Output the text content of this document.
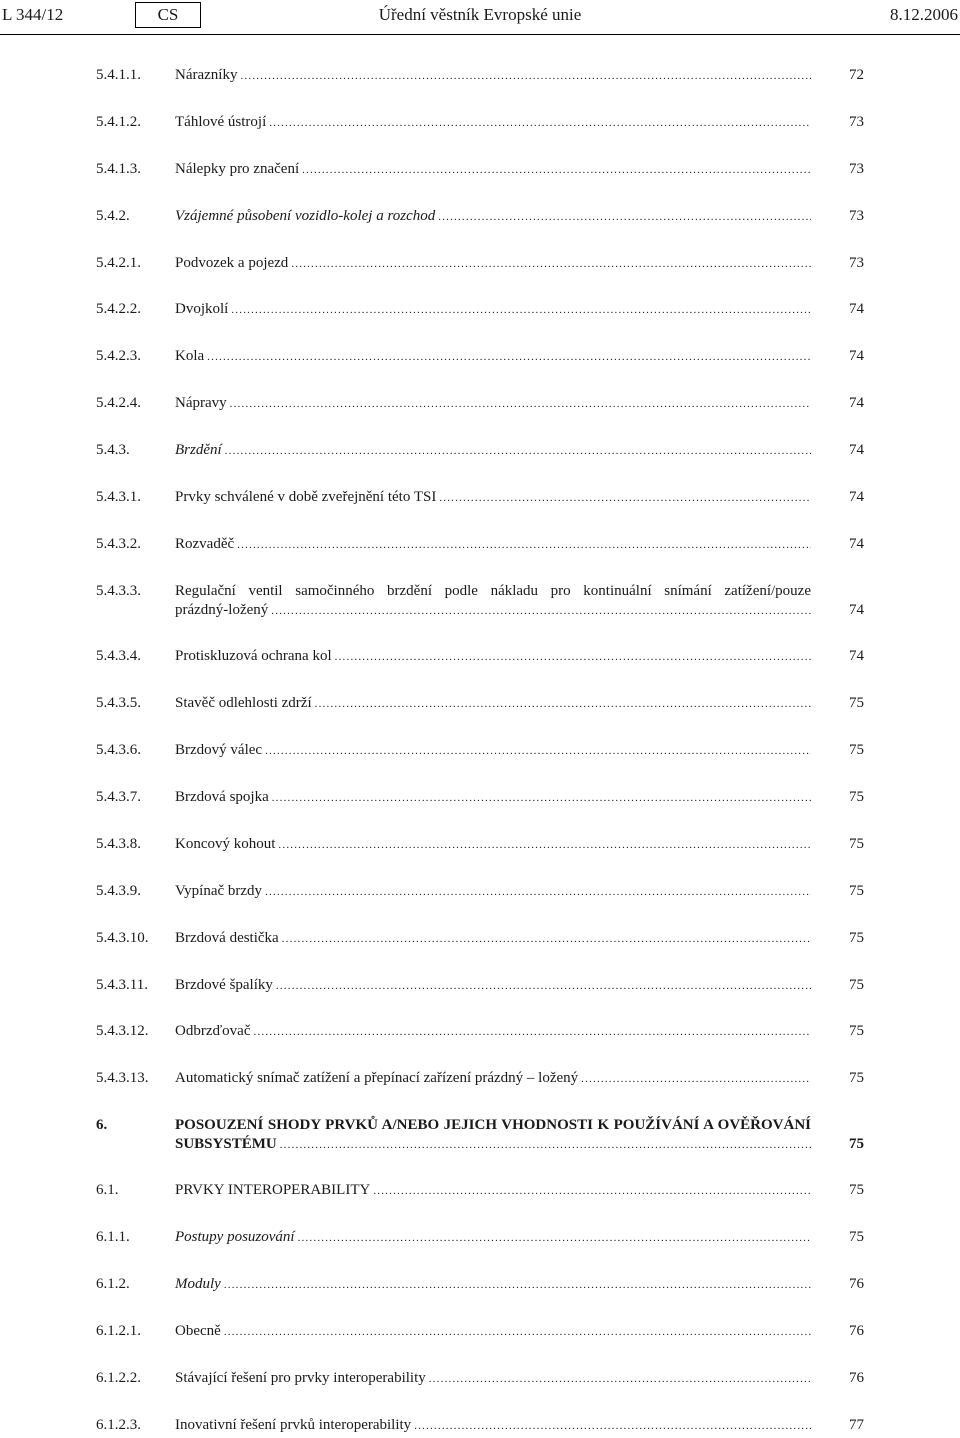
L 344/12	CS	Úřední věstník Evropské unie	8.12.2006
5.4.1.1. Nárazníky .....	72
5.4.1.2. Táhlové ústrojí .....	73
5.4.1.3. Nálepky pro značení .....	73
5.4.2.	Vzájemné působení vozidlo-kolej a rozchod .....	73
5.4.2.1. Podvozek a pojezd .....	73
5.4.2.2. Dvojkolí .....	74
5.4.2.3. Kola .....	74
5.4.2.4. Nápravy .....	74
5.4.3.	Brzdění .....	74
5.4.3.1. Prvky schválené v době zveřejnění této TSI .....	74
5.4.3.2. Rozvaděč .....	74
5.4.3.3. Regulační ventil samočinného brzdění podle nákladu pro kontinuální snímání zatížení/pouze
prázdný-ložený .....	74
5.4.3.4. Protiskluzová ochrana kol .....	74
5.4.3.5. Stavěč odlehlosti zdrží .....	75
5.4.3.6. Brzdový válec .....	75
5.4.3.7. Brzdová spojka .....	75
5.4.3.8. Koncový kohout .....	75
5.4.3.9. Vypínač brzdy .....	75
5.4.3.10. Brzdová destička .....	75
5.4.3.11. Brzdové špalíky .....	75
5.4.3.12. Odbrzďovač .....	75
5.4.3.13. Automatický snímač zatížení a přepínací zařízení prázdný – ložený .....	75
6.	POSOUZENÍ SHODY PRVKŮ A/NEBO JEJICH VHODNOSTI K POUŽÍVÁNÍ A OVĚŘOVÁNÍ
SUBSYSTÉMU .....	75
6.1.	PRVKY INTEROPERABILITY .....	75
6.1.1.	Postupy posuzování .....	75
6.1.2.	Moduly .....	76
6.1.2.1. Obecně .....	76
6.1.2.2. Stávající řešení pro prvky interoperability .....	76
6.1.2.3. Inovativní řešení prvků interoperability .....	77
